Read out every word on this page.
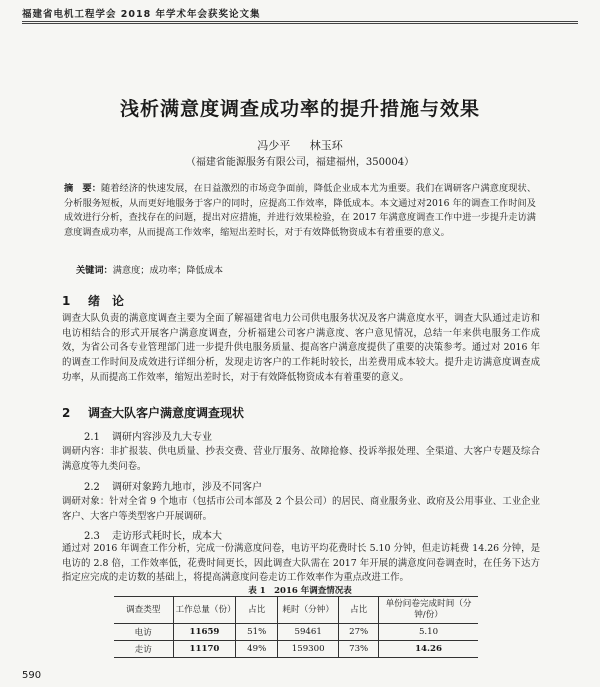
福建省电机工程学会 2018 年学术年会获奖论文集
浅析满意度调查成功率的提升措施与效果
冯少平 林玉环
（福建省能源服务有限公司，福建福州，350004）
摘　要：随着经济的快速发展，在日益激烈的市场竞争面前，降低企业成本尤为重要。我们在调研客户满意度现状、分析服务短板，从而更好地服务于客户的同时，应提高工作效率，降低成本。本文通过对2016 年的调查工作时间及成效进行分析，查找存在的问题，提出对应措施，并进行效果检验，在 2017 年满意度调查工作中进一步提升走访满意度调查成功率，从而提高工作效率，缩短出差时长，对于有效降低物资成本有着重要的意义。
关键词：满意度；成功率；降低成本
1 绪　论
调查大队负责的满意度调查主要为全面了解福建省电力公司供电服务状况及客户满意度水平，调查大队通过走访和电访相结合的形式开展客户满意度调查，分析福建公司客户满意度、客户意见情况，总结一年来供电服务工作成效，为省公司各专业管理部门进一步提升供电服务质量、提高客户满意度提供了重要的决策参考。通过对 2016 年的调查工作时间及成效进行详细分析，发现走访客户的工作耗时较长，出差费用成本较大。提升走访满意度调查成功率，从而提高工作效率，缩短出差时长，对于有效降低物资成本有着重要的意义。
2 调查大队客户满意度调查现状
2.1 调研内容涉及九大专业
调研内容：非扩报装、供电质量、抄表交费、营业厅服务、故障抢修、投诉举报处理、全渠道、大客户专题及综合满意度等九类问卷。
2.2 调研对象跨九地市，涉及不同客户
调研对象：针对全省 9 个地市（包括市公司本部及 2 个县公司）的居民、商业服务业、政府及公用事业、工业企业客户、大客户等类型客户开展调研。
2.3 走访形式耗时长，成本大
通过对 2016 年调查工作分析，完成一份满意度问卷，电访平均花费时长 5.10 分钟，但走访耗费 14.26 分钟，是电访的 2.8 倍，工作效率低，花费时间更长，因此调查大队需在 2017 年开展的满意度问卷调查时，在任务下达方指定应完成的走访数的基础上，将提高满意度问卷走访工作效率作为重点改进工作。
表 1　2016 年调查情况表
调查类型	工作总量（份）	占比	耗时（分钟）	占比	单份问卷完成时间（分钟/份）
电访	11659	51%	59461	27%	5.10
走访	11170	49%	159300	73%	14.26
590
